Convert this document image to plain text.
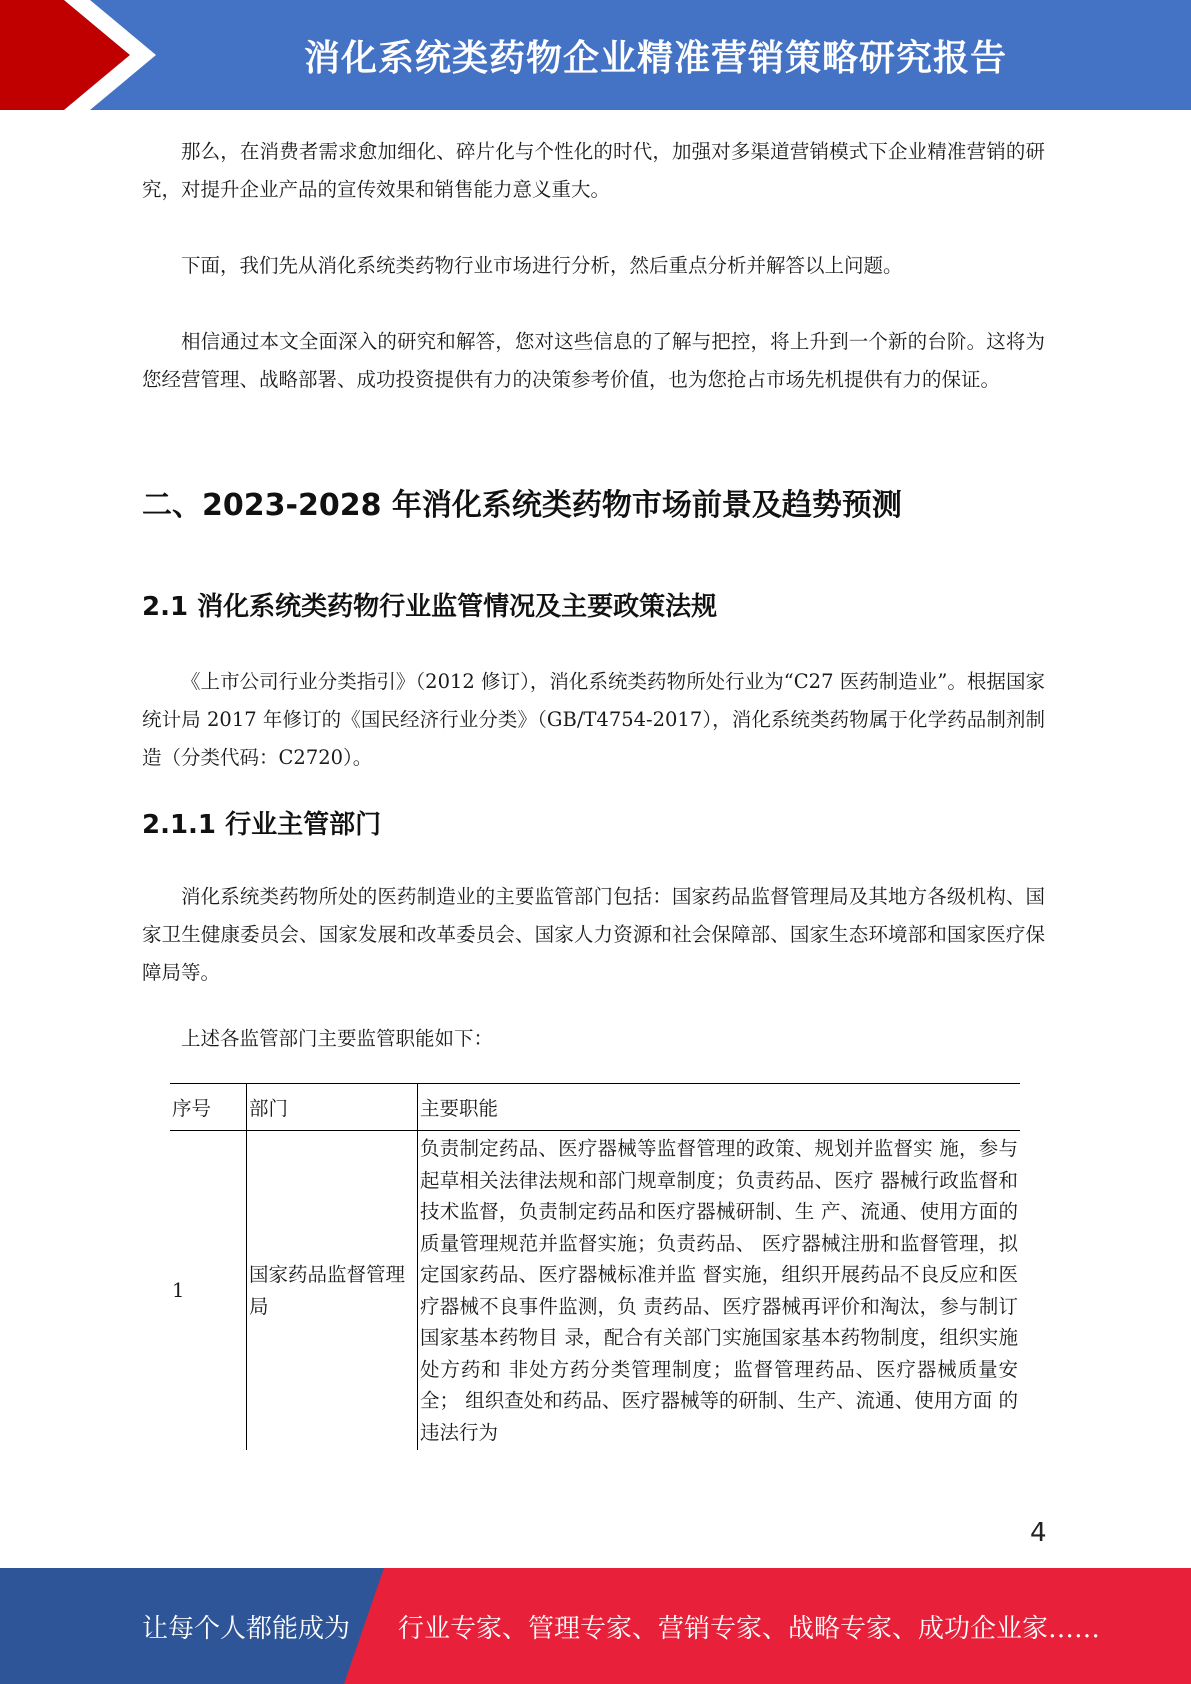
消化系统类药物企业精准营销策略研究报告

那么，在消费者需求愈加细化、碎片化与个性化的时代，加强对多渠道营销模式下企业精准营销的研究，对提升企业产品的宣传效果和销售能力意义重大。

下面，我们先从消化系统类药物行业市场进行分析，然后重点分析并解答以上问题。

相信通过本文全面深入的研究和解答，您对这些信息的了解与把控，将上升到一个新的台阶。这将为您经营管理、战略部署、成功投资提供有力的决策参考价值，也为您抢占市场先机提供有力的保证。

二、2023-2028 年消化系统类药物市场前景及趋势预测
2.1 消化系统类药物行业监管情况及主要政策法规

《上市公司行业分类指引》（2012 修订），消化系统类药物所处行业为“C27 医药制造业”。根据国家统计局 2017 年修订的《国民经济行业分类》（GB/T4754-2017），消化系统类药物属于化学药品制剂制造（分类代码：C2720）。

2.1.1 行业主管部门

消化系统类药物所处的医药制造业的主要监管部门包括：国家药品监督管理局及其地方各级机构、国家卫生健康委员会、国家发展和改革委员会、国家人力资源和社会保障部、国家生态环境部和国家医疗保障局等。

上述各监管部门主要监管职能如下：

序号	部门	主要职能
1	国家药品监督管理局	负责制定药品、医疗器械等监督管理的政策、规划并监督实 施，参与起草相关法律法规和部门规章制度；负责药品、医疗 器械行政监督和技术监督，负责制定药品和医疗器械研制、生 产、流通、使用方面的质量管理规范并监督实施；负责药品、 医疗器械注册和监督管理，拟定国家药品、医疗器械标准并监 督实施，组织开展药品不良反应和医疗器械不良事件监测，负 责药品、医疗器械再评价和淘汰，参与制订国家基本药物目 录，配合有关部门实施国家基本药物制度，组织实施处方药和 非处方药分类管理制度；监督管理药品、医疗器械质量安全； 组织查处和药品、医疗器械等的研制、生产、流通、使用方面 的违法行为
4
让每个人都能成为 行业专家、管理专家、营销专家、战略专家、成功企业家……
